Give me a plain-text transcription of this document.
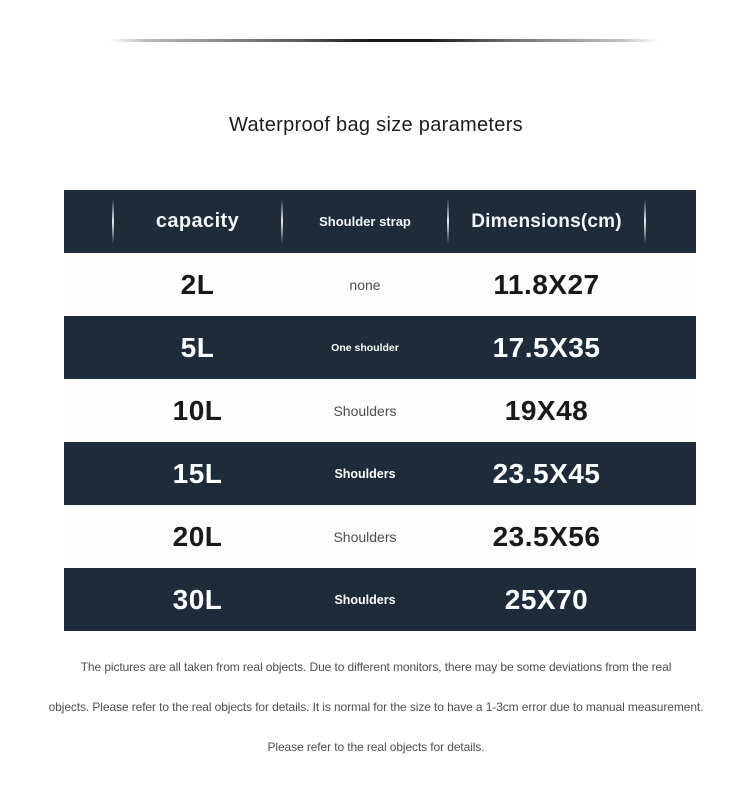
Waterproof bag size parameters
capacity	Shoulder strap	Dimensions(cm)
2L	none	11.8X27
5L	One shoulder	17.5X35
10L	Shoulders	19X48
15L	Shoulders	23.5X45
20L	Shoulders	23.5X56
30L	Shoulders	25X70

The pictures are all taken from real objects. Due to different monitors, there may be some deviations from the real

objects. Please refer to the real objects for details. It is normal for the size to have a 1-3cm error due to manual measurement.

Please refer to the real objects for details.
